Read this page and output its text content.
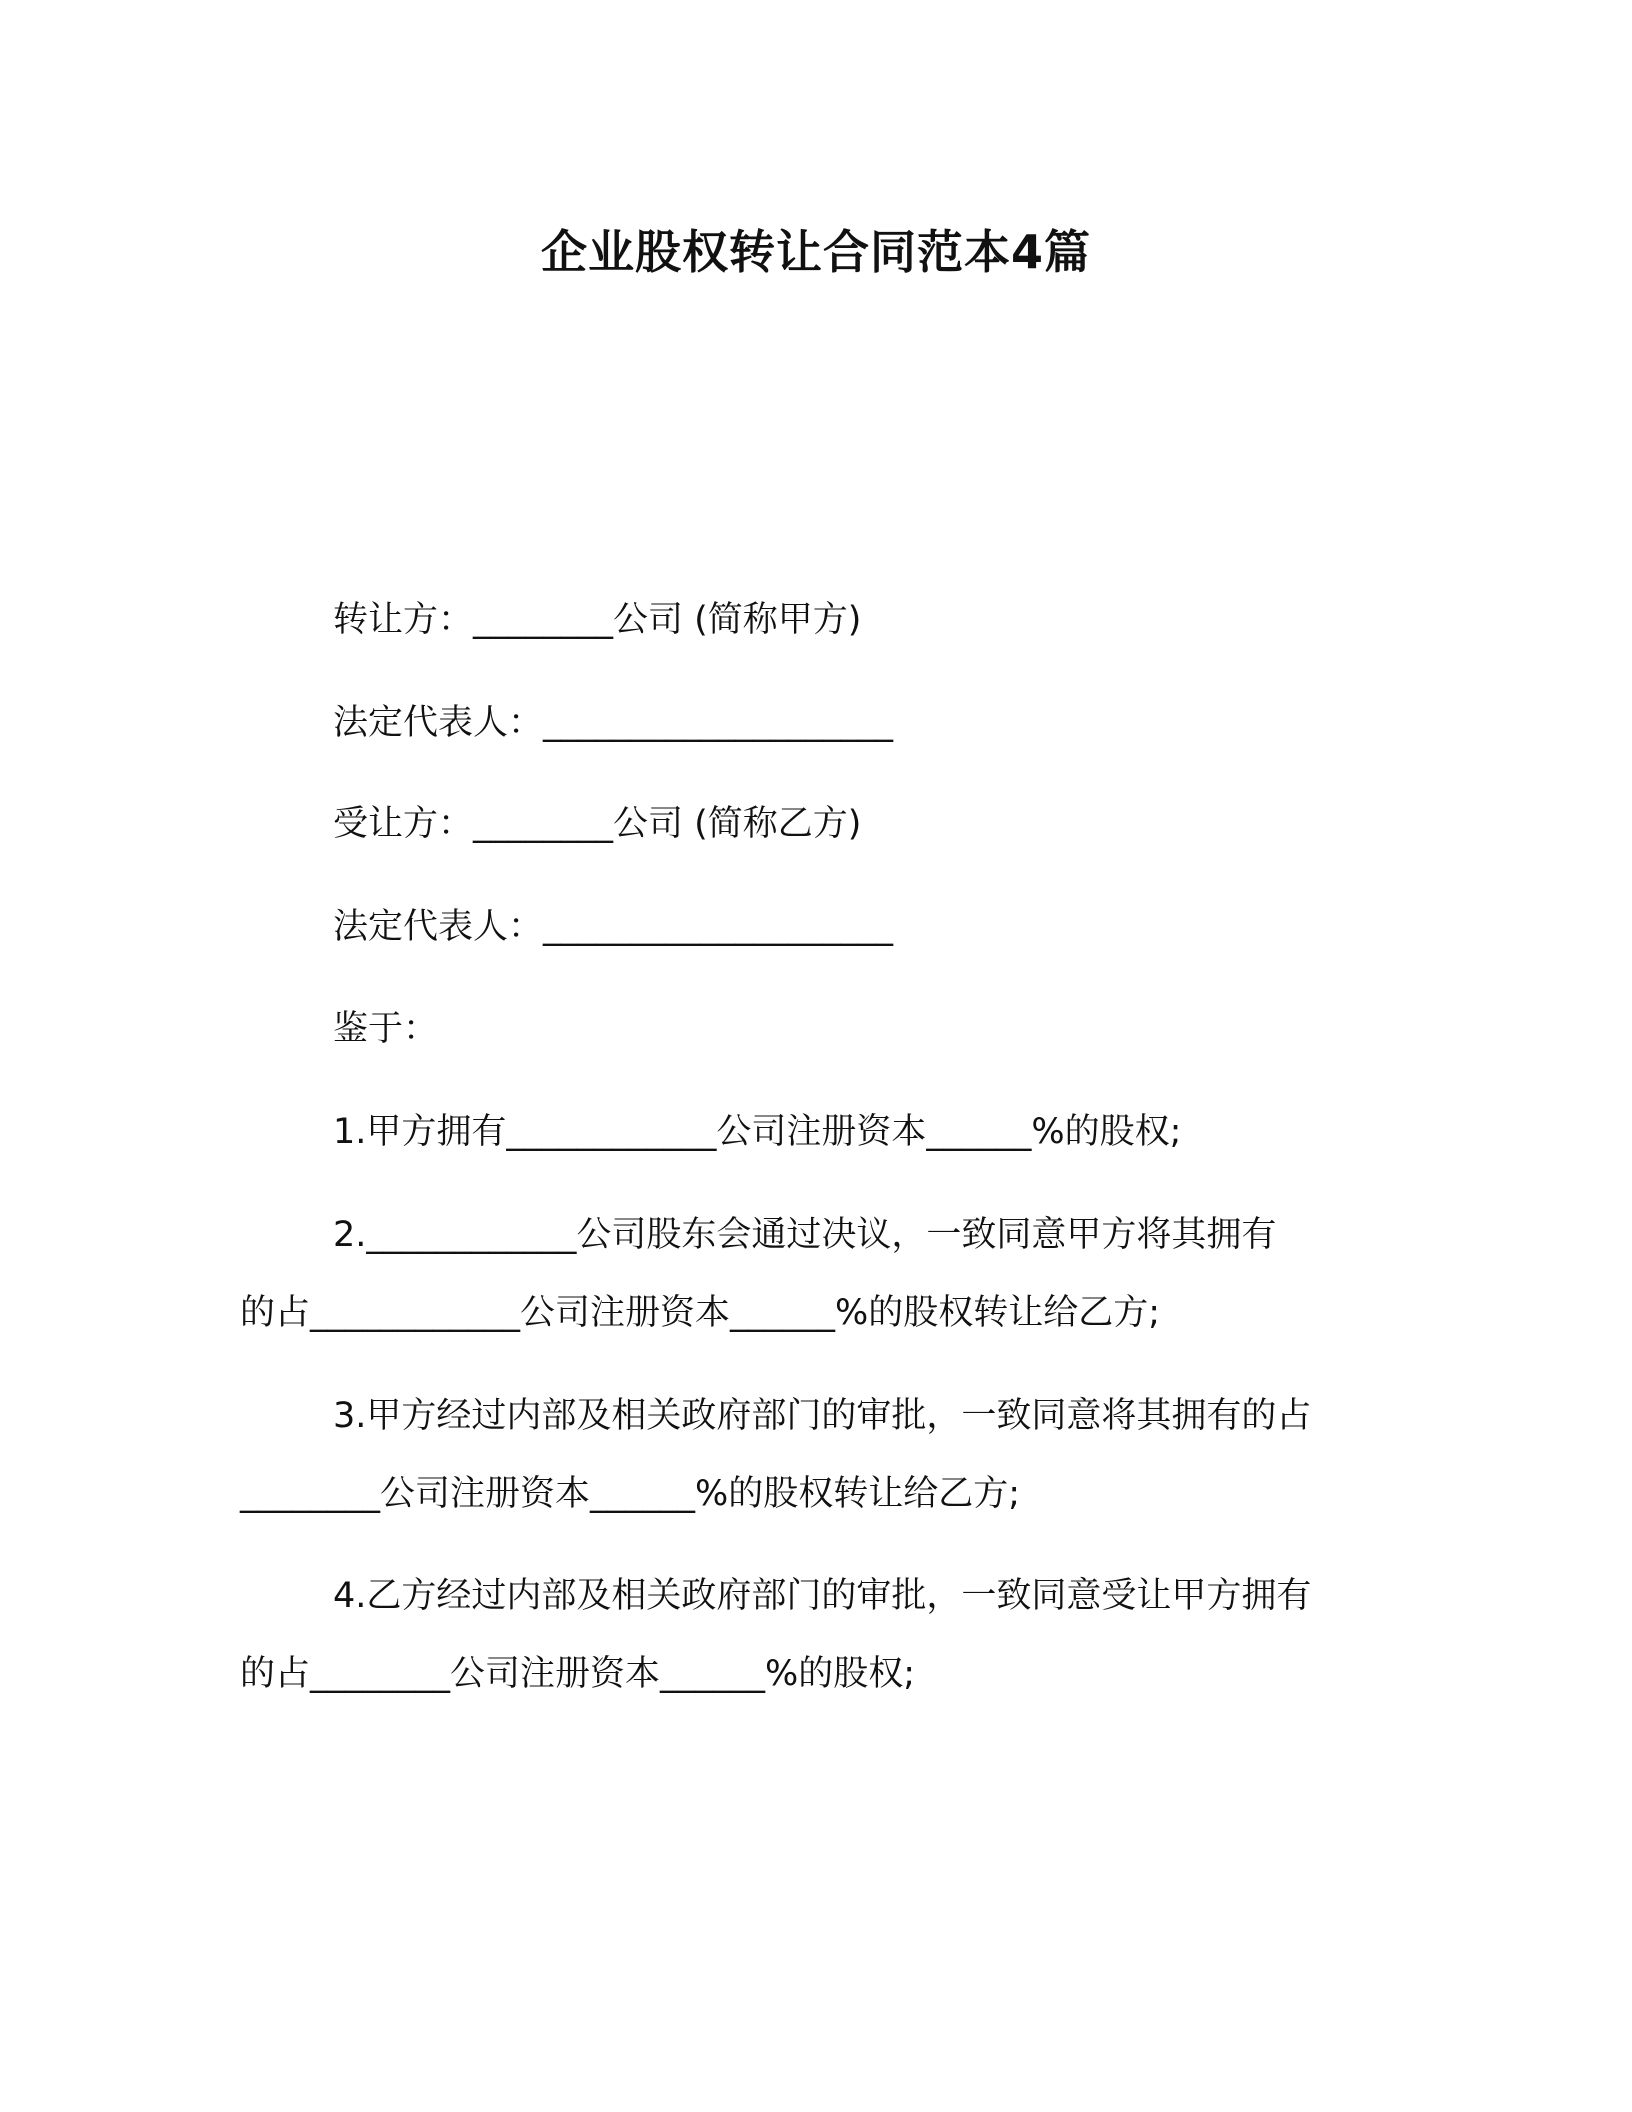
企业股权转让合同范本4篇
转让方：________公司 (简称甲方)
法定代表人：____________________
受让方：________公司 (简称乙方)
法定代表人：____________________
鉴于：
1.甲方拥有____________公司注册资本______%的股权;
2.____________公司股东会通过决议，一致同意甲方将其拥有
的占____________公司注册资本______%的股权转让给乙方;
3.甲方经过内部及相关政府部门的审批，一致同意将其拥有的占
________公司注册资本______%的股权转让给乙方;
4.乙方经过内部及相关政府部门的审批，一致同意受让甲方拥有
的占________公司注册资本______%的股权;
